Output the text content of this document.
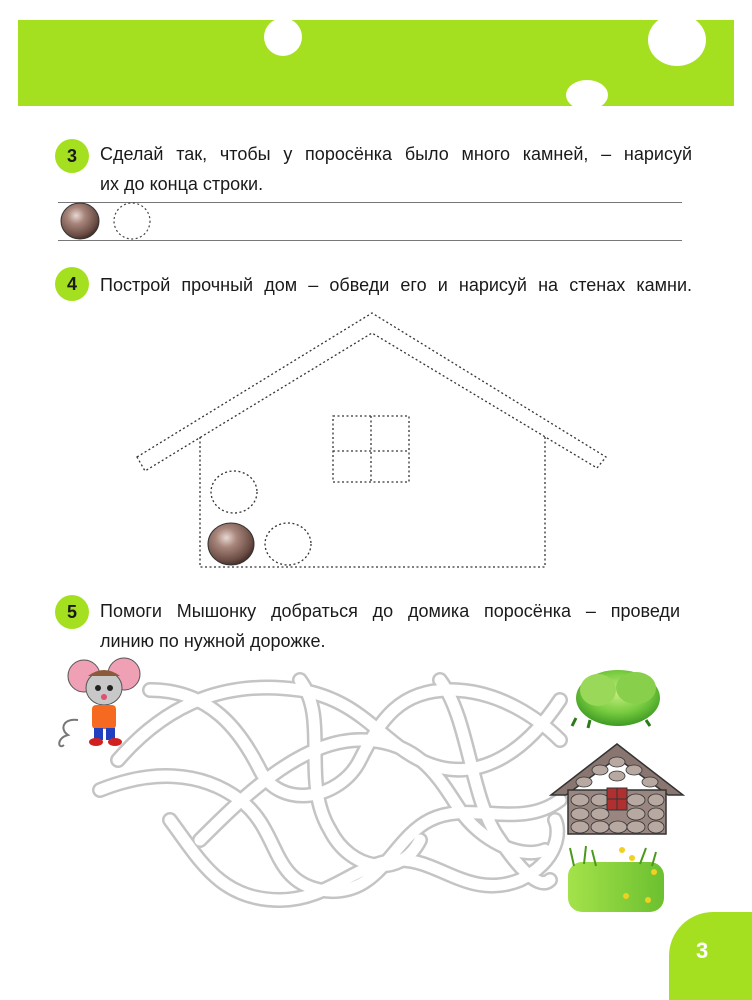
3	Сделай так, чтобы у поросёнка было много камней, – нарисуй
их до конца строки.
4	Построй прочный дом – обведи его и нарисуй на стенах камни.
5	Помоги Мышонку добраться до домика поросёнка – проведи
линию по нужной дорожке.
3
